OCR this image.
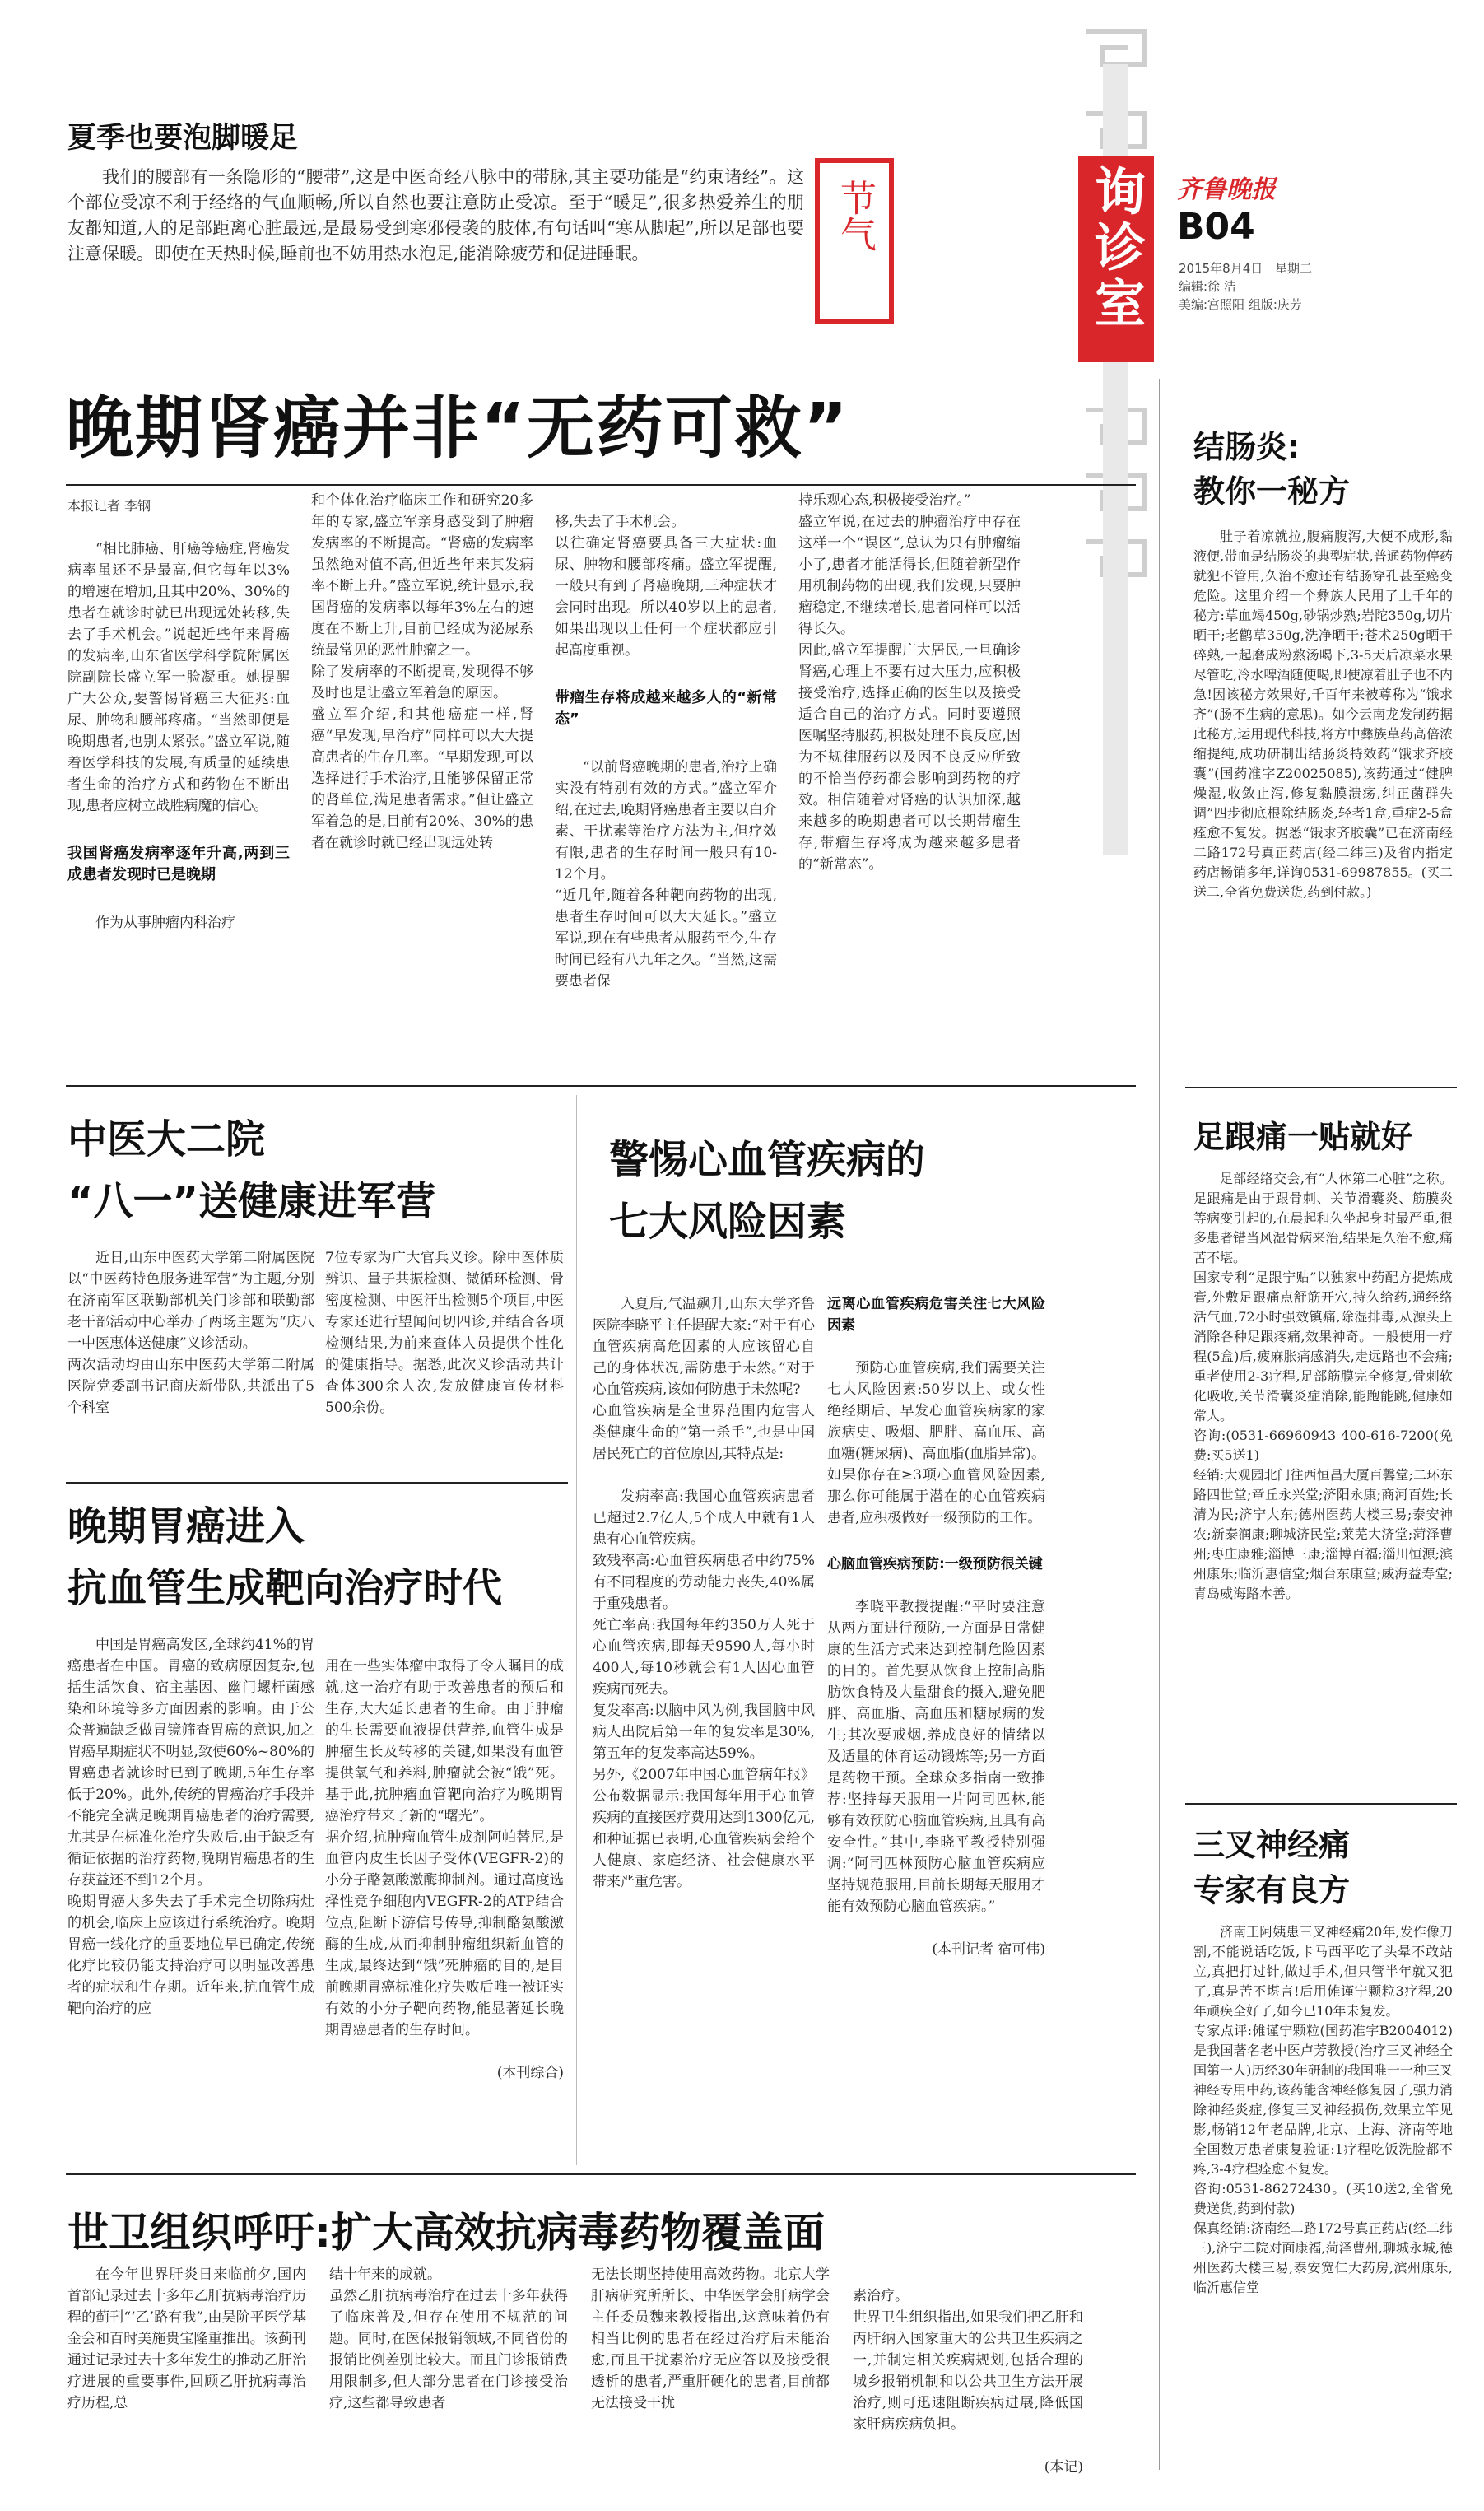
询诊室 齐鲁晚报
B04
2015年8月4日 星期二
编辑:徐 洁
美编:宫照阳 组版:庆芳
节气
夏季也要泡脚暖足
我们的腰部有一条隐形的“腰带”,这是中医奇经八脉中的带脉,其主要功能是“约束诸经”。这个部位受凉不利于经络的气血顺畅,所以自然也要注意防止受凉。至于“暖足”,很多热爱养生的朋友都知道,人的足部距离心脏最远,是最易受到寒邪侵袭的肢体,有句话叫“寒从脚起”,所以足部也要注意保暖。即使在天热时候,睡前也不妨用热水泡足,能消除疲劳和促进睡眠。
晚期肾癌并非“无药可救”
本报记者 李钢

“相比肺癌、肝癌等癌症,肾癌发病率虽还不是最高,但它每年以3%的增速在增加,且其中20%、30%的患者在就诊时就已出现远处转移,失去了手术机会。”说起近些年来肾癌的发病率,山东省医学科学院附属医院副院长盛立军一脸凝重。她提醒广大公众,要警惕肾癌三大征兆:血尿、肿物和腰部疼痛。“当然即便是晚期患者,也别太紧张。”盛立军说,随着医学科技的发展,有质量的延续患者生命的治疗方式和药物在不断出现,患者应树立战胜病魔的信心。

我国肾癌发病率逐年升高,两到三成患者发现时已是晚期

作为从事肿瘤内科治疗

和个体化治疗临床工作和研究20多年的专家,盛立军亲身感受到了肿瘤发病率的不断提高。“肾癌的发病率虽然绝对值不高,但近些年来其发病率不断上升。”盛立军说,统计显示,我国肾癌的发病率以每年3%左右的速度在不断上升,目前已经成为泌尿系统最常见的恶性肿瘤之一。
除了发病率的不断提高,发现得不够及时也是让盛立军着急的原因。
盛立军介绍,和其他癌症一样,肾癌“早发现,早治疗”同样可以大大提高患者的生存几率。“早期发现,可以选择进行手术治疗,且能够保留正常的肾单位,满足患者需求。”但让盛立军着急的是,目前有20%、30%的患者在就诊时就已经出现远处转

移,失去了手术机会。
以往确定肾癌要具备三大症状:血尿、肿物和腰部疼痛。盛立军提醒,一般只有到了肾癌晚期,三种症状才会同时出现。所以40岁以上的患者,如果出现以上任何一个症状都应引起高度重视。

带瘤生存将成越来越多人的“新常态”

“以前肾癌晚期的患者,治疗上确实没有特别有效的方式。”盛立军介绍,在过去,晚期肾癌患者主要以白介素、干扰素等治疗方法为主,但疗效有限,患者的生存时间一般只有10-12个月。
“近几年,随着各种靶向药物的出现,患者生存时间可以大大延长。”盛立军说,现在有些患者从服药至今,生存时间已经有八九年之久。“当然,这需要患者保

持乐观心态,积极接受治疗。”
盛立军说,在过去的肿瘤治疗中存在这样一个“误区”,总认为只有肿瘤缩小了,患者才能活得长,但随着新型作用机制药物的出现,我们发现,只要肿瘤稳定,不继续增长,患者同样可以活得长久。
因此,盛立军提醒广大居民,一旦确诊肾癌,心理上不要有过大压力,应积极接受治疗,选择正确的医生以及接受适合自己的治疗方式。同时要遵照医嘱坚持服药,积极处理不良反应,因为不规律服药以及因不良反应所致的不恰当停药都会影响到药物的疗效。相信随着对肾癌的认识加深,越来越多的晚期患者可以长期带瘤生存,带瘤生存将成为越来越多患者的“新常态”。
结肠炎:
教你一秘方
肚子着凉就拉,腹痛腹泻,大便不成形,黏液便,带血是结肠炎的典型症状,普通药物停药就犯不管用,久治不愈还有结肠穿孔甚至癌变危险。这里介绍一个彝族人民用了上千年的秘方:草血竭450g,砂锅炒熟;岩陀350g,切片晒干;老鹳草350g,洗净晒干;苍术250g晒干碎熟,一起磨成粉熬汤喝下,3-5天后凉菜水果尽管吃,冷水啤酒随便喝,即使凉着肚子也不内急!因该秘方效果好,千百年来被尊称为“饿求齐”(肠不生病的意思)。如今云南龙发制药据此秘方,运用现代科技,将方中彝族草药高倍浓缩提纯,成功研制出结肠炎特效药“饿求齐胶囊”(国药准字Z20025085),该药通过“健脾燥湿,收敛止泻,修复黏膜溃疡,纠正菌群失调”四步彻底根除结肠炎,轻者1盒,重症2-5盒痊愈不复发。据悉“饿求齐胶囊”已在济南经二路172号真正药店(经二纬三)及省内指定药店畅销多年,详询0531-69987855。(买二送二,全省免费送货,药到付款。)
足跟痛一贴就好
足部经络交会,有“人体第二心脏”之称。足跟痛是由于跟骨刺、关节滑囊炎、筋膜炎等病变引起的,在晨起和久坐起身时最严重,很多患者错当风湿骨病来治,结果是久治不愈,痛苦不堪。
国家专利“足跟宁贴”以独家中药配方提炼成膏,外敷足跟痛点舒筋开穴,持久给药,通经络活气血,72小时强效镇痛,除湿排毒,从源头上消除各种足跟疼痛,效果神奇。一般使用一疗程(5盒)后,疲麻胀痛感消失,走远路也不会痛;重者使用2-3疗程,足部筋膜完全修复,骨刺软化吸收,关节滑囊炎症消除,能跑能跳,健康如常人。
咨询:(0531-66960943 400-616-7200(免费:买5送1)
经销:大观园北门往西恒昌大厦百馨堂;二环东路四世堂;章丘永兴堂;济阳永康;商河百姓;长清为民;济宁大东;德州医药大楼三易;泰安神农;新泰润康;聊城济民堂;莱芜大济堂;菏泽曹州;枣庄康雅;淄博三康;淄博百福;淄川恒源;滨州康乐;临沂惠信堂;烟台东康堂;威海益寿堂;青岛威海路本善。
三叉神经痛
专家有良方
济南王阿姨患三叉神经痛20年,发作像刀割,不能说话吃饭,卡马西平吃了头晕不敢站立,真把打过针,做过手术,但只管半年就又犯了,真是苦不堪言!后用傩谨宁颗粒3疗程,20年顽疾全好了,如今已10年未复发。
专家点评:傩谨宁颗粒(国药准字B2004012)是我国著名老中医卢芳教授(治疗三叉神经全国第一人)历经30年研制的我国唯一一种三叉神经专用中药,该药能含神经修复因子,强力消除神经炎症,修复三叉神经损伤,效果立竿见影,畅销12年老品牌,北京、上海、济南等地全国数万患者康复验证:1疗程吃饭洗脸都不疼,3-4疗程痊愈不复发。
咨询:0531-86272430。(买10送2,全省免费送货,药到付款)
保真经销:济南经二路172号真正药店(经二纬三),济宁二院对面康福,菏泽曹州,聊城永城,德州医药大楼三易,泰安宽仁大药房,滨州康乐,临沂惠信堂
中医大二院
“八一”送健康进军营
近日,山东中医药大学第二附属医院以“中医药特色服务进军营”为主题,分别在济南军区联勤部机关门诊部和联勤部老干部活动中心举办了两场主题为“庆八一中医惠体送健康”义诊活动。
两次活动均由山东中医药大学第二附属医院党委副书记商庆新带队,共派出了5个科室
7位专家为广大官兵义诊。除中医体质辨识、量子共振检测、微循环检测、骨密度检测、中医汗出检测5个项目,中医专家还进行望闻问切四诊,并结合各项检测结果,为前来查体人员提供个性化的健康指导。据悉,此次义诊活动共计查体300余人次,发放健康宣传材料500余份。
晚期胃癌进入
抗血管生成靶向治疗时代
中国是胃癌高发区,全球约41%的胃癌患者在中国。胃癌的致病原因复杂,包括生活饮食、宿主基因、幽门螺杆菌感染和环境等多方面因素的影响。由于公众普遍缺乏做胃镜筛查胃癌的意识,加之胃癌早期症状不明显,致使60%~80%的胃癌患者就诊时已到了晚期,5年生存率低于20%。此外,传统的胃癌治疗手段并不能完全满足晚期胃癌患者的治疗需要,尤其是在标准化治疗失败后,由于缺乏有循证依据的治疗药物,晚期胃癌患者的生存获益还不到12个月。
晚期胃癌大多失去了手术完全切除病灶的机会,临床上应该进行系统治疗。晚期胃癌一线化疗的重要地位早已确定,传统化疗比较仍能支持治疗可以明显改善患者的症状和生存期。近年来,抗血管生成靶向治疗的应

用在一些实体瘤中取得了令人瞩目的成就,这一治疗有助于改善患者的预后和生存,大大延长患者的生命。由于肿瘤的生长需要血液提供营养,血管生成是肿瘤生长及转移的关键,如果没有血管提供氧气和养料,肿瘤就会被“饿”死。基于此,抗肿瘤血管靶向治疗为晚期胃癌治疗带来了新的“曙光”。
据介绍,抗肿瘤血管生成剂阿帕替尼,是血管内皮生长因子受体(VEGFR-2)的小分子酪氨酸激酶抑制剂。通过高度选择性竞争细胞内VEGFR-2的ATP结合位点,阻断下游信号传导,抑制酪氨酸激酶的生成,从而抑制肿瘤组织新血管的生成,最终达到“饿”死肿瘤的目的,是目前晚期胃癌标准化疗失败后唯一被证实有效的小分子靶向药物,能显著延长晚期胃癌患者的生存时间。

(本刊综合)

警惕心血管疾病的
七大风险因素

入夏后,气温飙升,山东大学齐鲁医院李晓平主任提醒大家:“对于有心血管疾病高危因素的人应该留心自己的身体状况,需防患于未然。”对于心血管疾病,该如何防患于未然呢?
心血管疾病是全世界范围内危害人类健康生命的“第一杀手”,也是中国居民死亡的首位原因,其特点是:

发病率高:我国心血管疾病患者已超过2.7亿人,5个成人中就有1人患有心血管疾病。
致残率高:心血管疾病患者中约75%有不同程度的劳动能力丧失,40%属于重残患者。
死亡率高:我国每年约350万人死于心血管疾病,即每天9590人,每小时400人,每10秒就会有1人因心血管疾病而死去。
复发率高:以脑中风为例,我国脑中风病人出院后第一年的复发率是30%,第五年的复发率高达59%。
另外,《2007年中国心血管病年报》公布数据显示:我国每年用于心血管疾病的直接医疗费用达到1300亿元,和种证据已表明,心血管疾病会给个人健康、家庭经济、社会健康水平带来严重危害。

远离心血管疾病危害关注七大风险因素

预防心血管疾病,我们需要关注七大风险因素:50岁以上、或女性绝经期后、早发心血管疾病家的家族病史、吸烟、肥胖、高血压、高血糖(糖尿病)、高血脂(血脂异常)。如果你存在≥3项心血管风险因素,那么你可能属于潜在的心血管疾病患者,应积极做好一级预防的工作。

心脑血管疾病预防:一级预防很关键

李晓平教授提醒:“平时要注意从两方面进行预防,一方面是日常健康的生活方式来达到控制危险因素的目的。首先要从饮食上控制高脂肪饮食特及大量甜食的摄入,避免肥胖、高血脂、高血压和糖尿病的发生;其次要戒烟,养成良好的情绪以及适量的体育运动锻炼等;另一方面是药物干预。全球众多指南一致推荐:坚持每天服用一片阿司匹林,能够有效预防心脑血管疾病,且具有高安全性。”其中,李晓平教授特别强调:“阿司匹林预防心脑血管疾病应坚持规范服用,目前长期每天服用才能有效预防心脑血管疾病。”

(本刊记者 宿可伟)

世卫组织呼吁:扩大高效抗病毒药物覆盖面
在今年世界肝炎日来临前夕,国内首部记录过去十多年乙肝抗病毒治疗历程的蓟刊“‘乙’路有我”,由吴阶平医学基金会和百时美施贵宝隆重推出。该蓟刊通过记录过去十多年发生的推动乙肝治疗进展的重要事件,回顾乙肝抗病毒治疗历程,总
结十年来的成就。
虽然乙肝抗病毒治疗在过去十多年获得了临床普及,但存在使用不规范的问题。同时,在医保报销领域,不同省份的报销比例差别比较大。而且门诊报销费用限制多,但大部分患者在门诊接受治疗,这些都导致患者
无法长期坚持使用高效药物。北京大学肝病研究所所长、中华医学会肝病学会主任委员魏来教授指出,这意味着仍有相当比例的患者在经过治疗后未能治愈,而且干扰素治疗无应答以及接受很透析的患者,严重肝硬化的患者,目前都无法接受干扰

素治疗。
世界卫生组织指出,如果我们把乙肝和丙肝纳入国家重大的公共卫生疾病之一,并制定相关疾病规划,包括合理的城乡报销机制和以公共卫生方法开展治疗,则可迅速阻断疾病进展,降低国家肝病疾病负担。

(本记)
